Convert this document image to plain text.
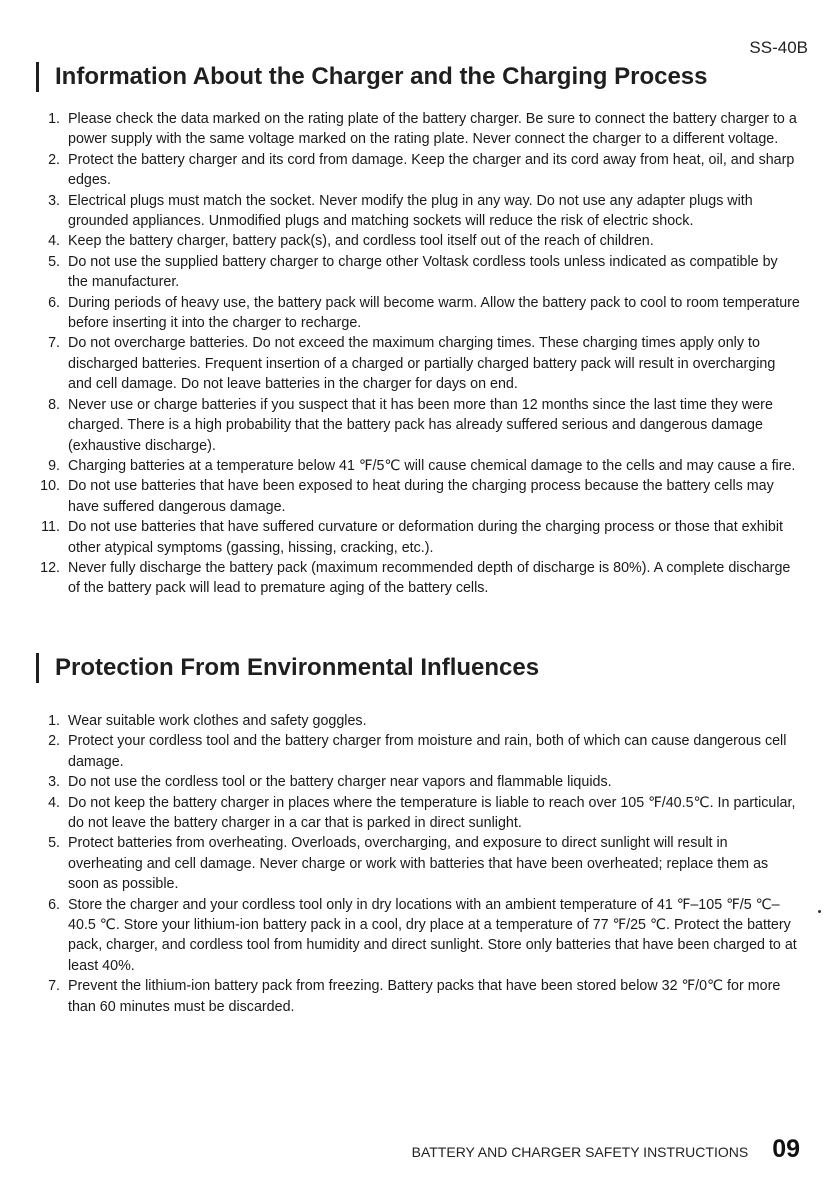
SS-40B
Information About the Charger and the Charging Process
1. Please check the data marked on the rating plate of the battery charger. Be sure to connect the battery charger to a power supply with the same voltage marked on the rating plate. Never connect the charger to a different voltage.
2. Protect the battery charger and its cord from damage. Keep the charger and its cord away from heat, oil, and sharp edges.
3. Electrical plugs must match the socket. Never modify the plug in any way. Do not use any adapter plugs with grounded appliances. Unmodified plugs and matching sockets will reduce the risk of electric shock.
4. Keep the battery charger, battery pack(s), and cordless tool itself out of the reach of children.
5. Do not use the supplied battery charger to charge other Voltask cordless tools unless indicated as compatible by the manufacturer.
6. During periods of heavy use, the battery pack will become warm. Allow the battery pack to cool to room temperature before inserting it into the charger to recharge.
7. Do not overcharge batteries. Do not exceed the maximum charging times. These charging times apply only to discharged batteries. Frequent insertion of a charged or partially charged battery pack will result in overcharging and cell damage. Do not leave batteries in the charger for days on end.
8. Never use or charge batteries if you suspect that it has been more than 12 months since the last time they were charged. There is a high probability that the battery pack has already suffered serious and dangerous damage (exhaustive discharge).
9. Charging batteries at a temperature below 41 ℉/5℃ will cause chemical damage to the cells and may cause a fire.
10. Do not use batteries that have been exposed to heat during the charging process because the battery cells may have suffered dangerous damage.
11. Do not use batteries that have suffered curvature or deformation during the charging process or those that exhibit other atypical symptoms (gassing, hissing, cracking, etc.).
12. Never fully discharge the battery pack (maximum recommended depth of discharge is 80%). A complete discharge of the battery pack will lead to premature aging of the battery cells.
Protection From Environmental Influences
1. Wear suitable work clothes and safety goggles.
2. Protect your cordless tool and the battery charger from moisture and rain, both of which can cause dangerous cell damage.
3. Do not use the cordless tool or the battery charger near vapors and flammable liquids.
4. Do not keep the battery charger in places where the temperature is liable to reach over 105 ℉/40.5℃. In particular, do not leave the battery charger in a car that is parked in direct sunlight.
5. Protect batteries from overheating. Overloads, overcharging, and exposure to direct sunlight will result in overheating and cell damage. Never charge or work with batteries that have been overheated; replace them as soon as possible.
6. Store the charger and your cordless tool only in dry locations with an ambient temperature of 41 ℉–105 ℉/5 ℃–40.5 ℃. Store your lithium-ion battery pack in a cool, dry place at a temperature of 77 ℉/25 ℃. Protect the battery pack, charger, and cordless tool from humidity and direct sunlight. Store only batteries that have been charged to at least 40%.
7. Prevent the lithium-ion battery pack from freezing. Battery packs that have been stored below 32 ℉/0℃ for more than 60 minutes must be discarded.
BATTERY AND CHARGER SAFETY INSTRUCTIONS 09
